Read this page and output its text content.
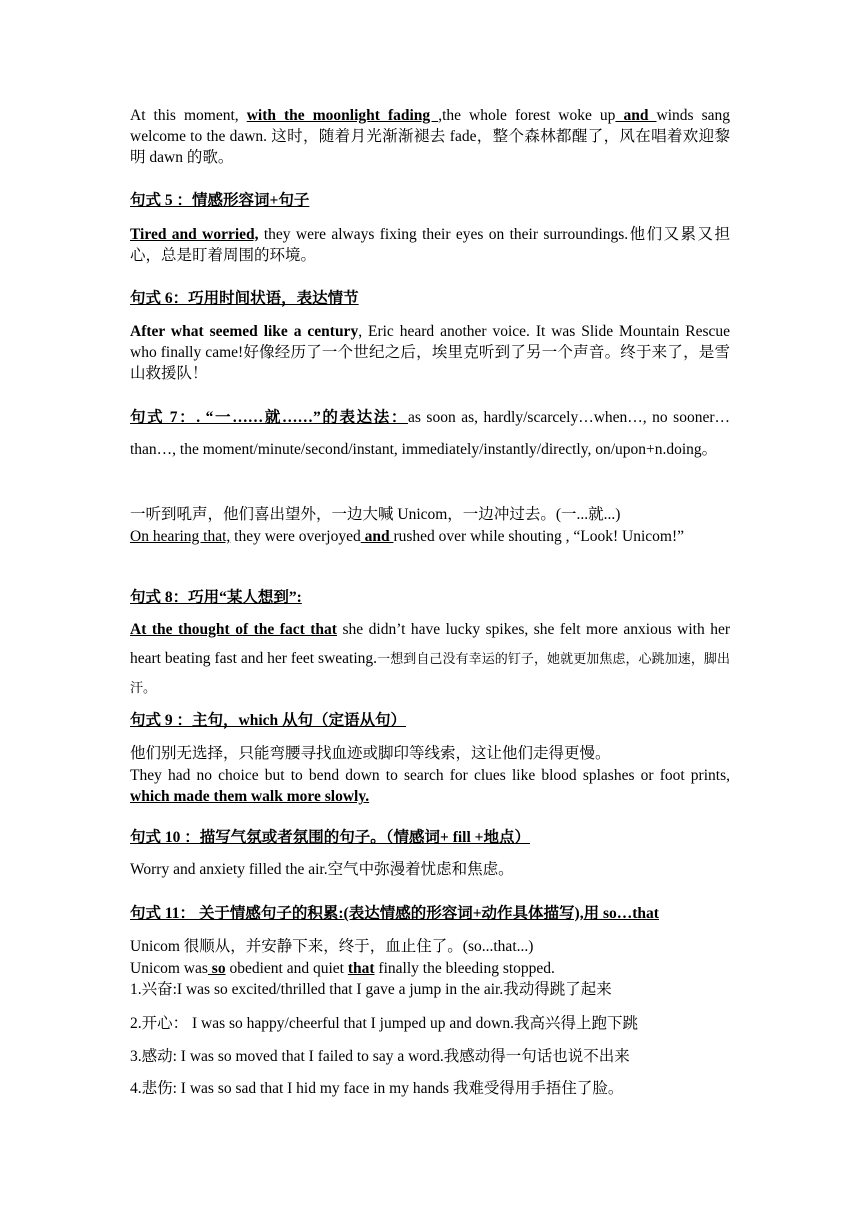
At this moment, with the moonlight fading ,the whole forest woke up and winds sang welcome to the dawn. 这时，随着月光渐渐褪去 fade，整个森林都醒了，风在唱着欢迎黎明 dawn 的歌。

句式 5 ：情感形容词+句子

Tired and worried, they were always fixing their eyes on their surroundings.他们又累又担心，总是盯着周围的环境。

句式 6：巧用时间状语，表达情节

After what seemed like a century, Eric heard another voice. It was Slide Mountain Rescue who finally came!好像经历了一个世纪之后，埃里克听到了另一个声音。终于来了，是雪山救援队！

句式 7：. “一……就……”的表达法：as soon as, hardly/scarcely…when…, no sooner… than…, the moment/minute/second/instant, immediately/instantly/directly, on/upon+n.doing。

一听到吼声，他们喜出望外，一边大喊 Unicom，一边冲过去。(一...就...)

On hearing that, they were overjoyed and rushed over while shouting , “Look! Unicom!”

句式 8：巧用“某人想到”:

At the thought of the fact that she didn’t have lucky spikes, she felt more anxious with her heart beating fast and her feet sweating.一想到自己没有幸运的钉子，她就更加焦虑，心跳加速，脚出汗。

句式 9 ：主句，which 从句（定语从句）

他们别无选择，只能弯腰寻找血迹或脚印等线索，这让他们走得更慢。

They had no choice but to bend down to search for clues like blood splashes or foot prints, which made them walk more slowly.

句式 10 ：描写气氛或者氛围的句子。（情感词+ fill +地点）

Worry and anxiety filled the air.空气中弥漫着忧虑和焦虑。

句式 11： 关于情感句子的积累:(表达情感的形容词+动作具体描写),用 so…that

Unicom 很顺从，并安静下来，终于，血止住了。(so...that...)

Unicom was so obedient and quiet that finally the bleeding stopped.

1.兴奋:I was so excited/thrilled that I gave a jump in the air.我动得跳了起来

2.开心： I was so happy/cheerful that I jumped up and down.我高兴得上跑下跳

3.感动: I was so moved that I failed to say a word.我感动得一句话也说不出来

4.悲伤: I was so sad that I hid my face in my hands 我难受得用手捂住了脸。
